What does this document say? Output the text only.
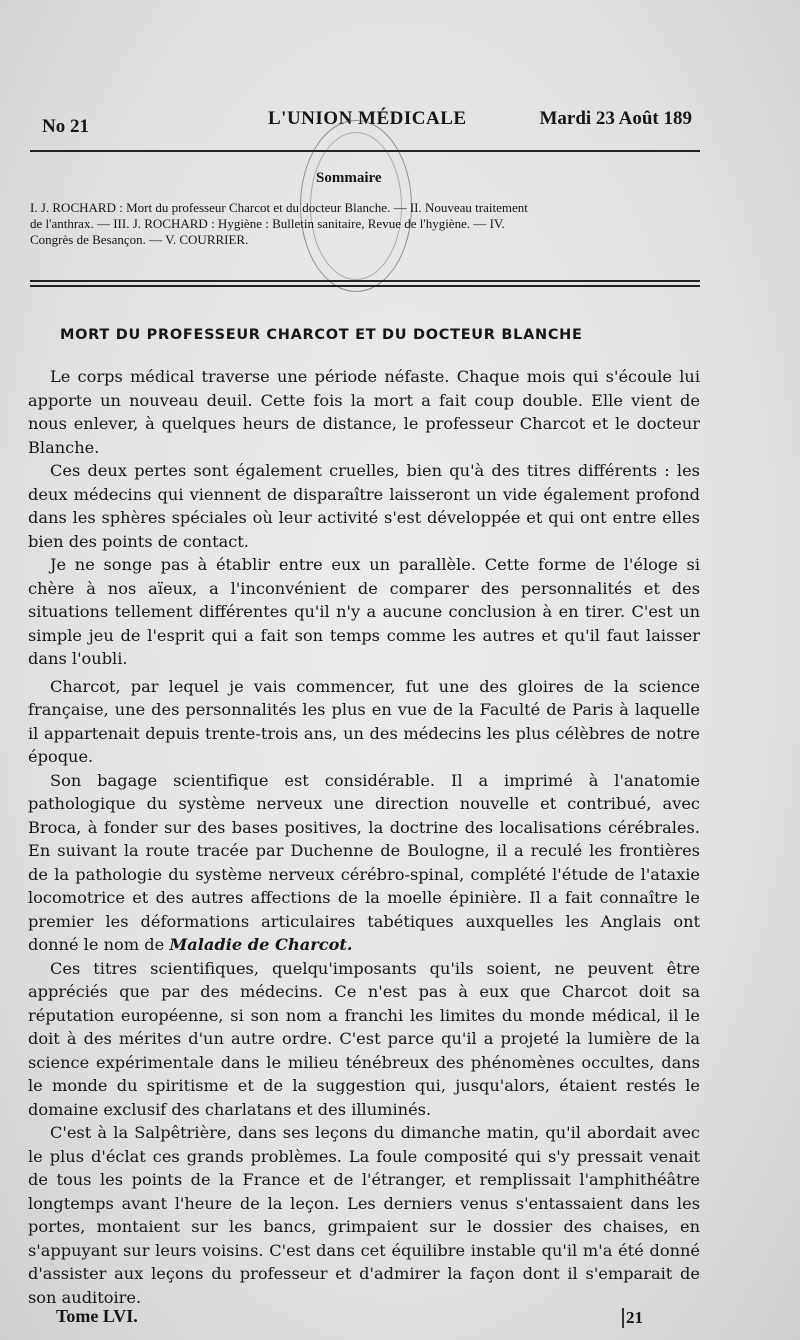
No 21	L'UNION MÉDICALE	Mardi 23 Août 189
Sommaire
I. J. ROCHARD : Mort du professeur Charcot et du docteur Blanche. — II. Nouveau traitement
de l'anthrax. — III. J. ROCHARD : Hygiène : Bulletin sanitaire, Revue de l'hygiène. — IV.
Congrès de Besançon. — V. COURRIER.
MORT DU PROFESSEUR CHARCOT ET DU DOCTEUR BLANCHE

Le corps médical traverse une période néfaste. Chaque mois qui s'écoule lui apporte un nouveau deuil. Cette fois la mort a fait coup double. Elle vient de nous enlever, à quelques heurs de distance, le professeur Charcot et le docteur Blanche.

Ces deux pertes sont également cruelles, bien qu'à des titres différents : les deux médecins qui viennent de disparaître laisseront un vide également profond dans les sphères spéciales où leur activité s'est développée et qui ont entre elles bien des points de contact.

Je ne songe pas à établir entre eux un parallèle. Cette forme de l'éloge si chère à nos aïeux, a l'inconvénient de comparer des personnalités et des situations tellement différentes qu'il n'y a aucune conclusion à en tirer. C'est un simple jeu de l'esprit qui a fait son temps comme les autres et qu'il faut laisser dans l'oubli.

Charcot, par lequel je vais commencer, fut une des gloires de la science française, une des personnalités les plus en vue de la Faculté de Paris à laquelle il appartenait depuis trente-trois ans, un des médecins les plus célèbres de notre époque.

Son bagage scientifique est considérable. Il a imprimé à l'anatomie pathologique du système nerveux une direction nouvelle et contribué, avec Broca, à fonder sur des bases positives, la doctrine des localisations cérébrales. En suivant la route tracée par Duchenne de Boulogne, il a reculé les frontières de la pathologie du système nerveux cérébro-spinal, complété l'étude de l'ataxie locomotrice et des autres affections de la moelle épinière. Il a fait connaître le premier les déformations articulaires tabétiques auxquelles les Anglais ont donné le nom de Maladie de Charcot.

Ces titres scientifiques, quelqu'imposants qu'ils soient, ne peuvent être appréciés que par des médecins. Ce n'est pas à eux que Charcot doit sa réputation européenne, si son nom a franchi les limites du monde médical, il le doit à des mérites d'un autre ordre. C'est parce qu'il a projeté la lumière de la science expérimentale dans le milieu ténébreux des phénomènes occultes, dans le monde du spiritisme et de la suggestion qui, jusqu'alors, étaient restés le domaine exclusif des charlatans et des illuminés.

C'est à la Salpêtrière, dans ses leçons du dimanche matin, qu'il abordait avec le plus d'éclat ces grands problèmes. La foule composité qui s'y pressait venait de tous les points de la France et de l'étranger, et remplissait l'amphithéâtre longtemps avant l'heure de la leçon. Les derniers venus s'entassaient dans les portes, montaient sur les bancs, grimpaient sur le dossier des chaises, en s'appuyant sur leurs voisins. C'est dans cet équilibre instable qu'il m'a été donné d'assister aux leçons du professeur et d'admirer la façon dont il s'emparait de son auditoire.

Tome LVI.	21
